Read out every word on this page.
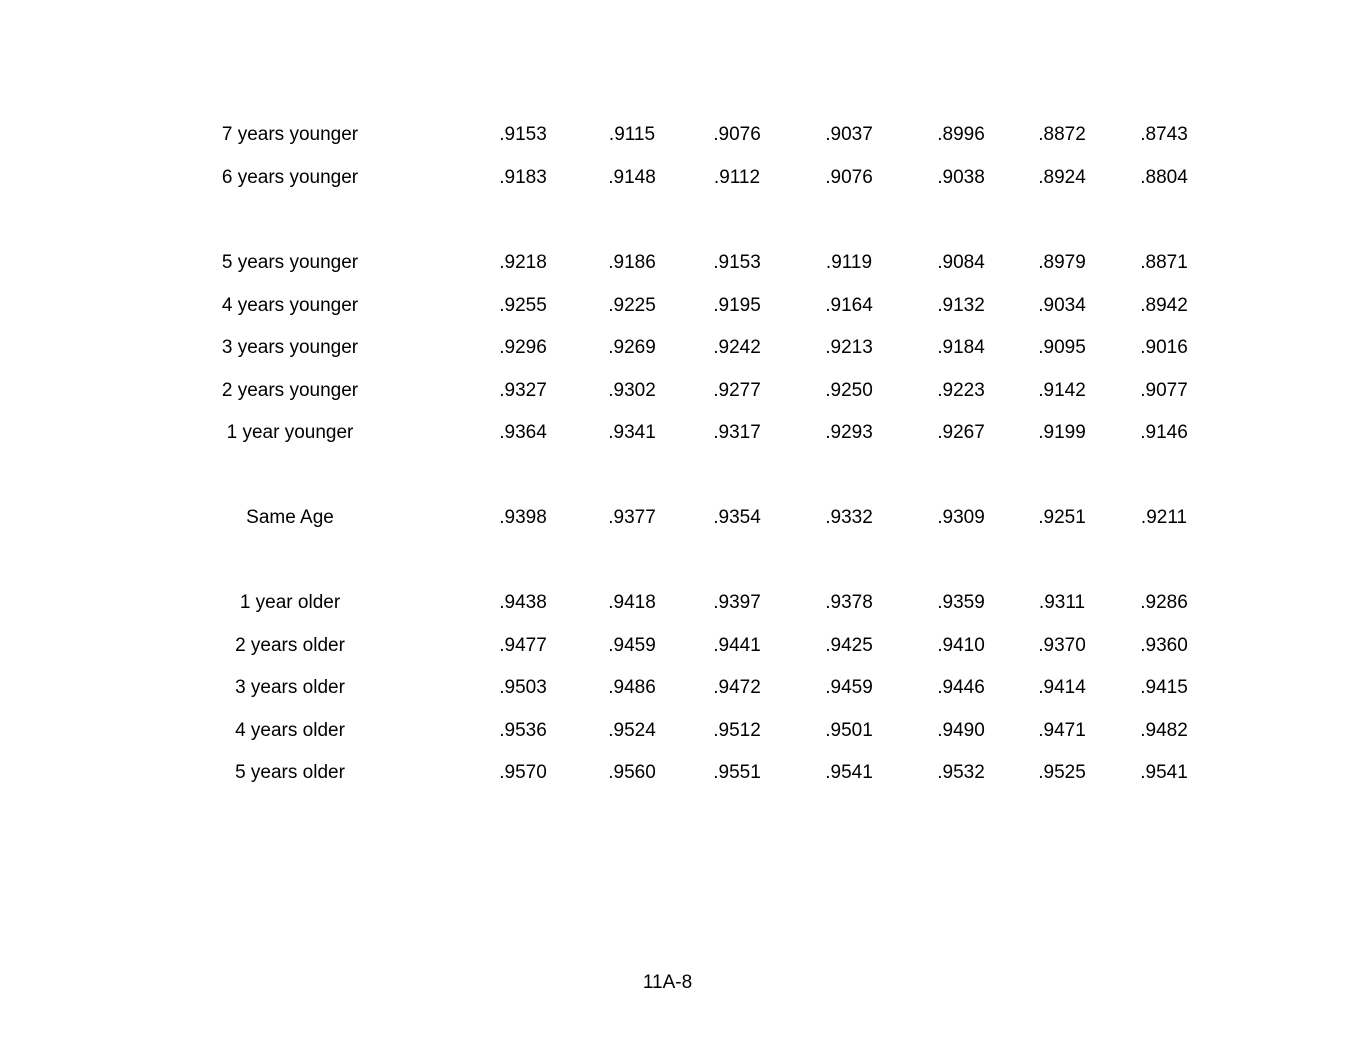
7 years younger	.9153	.9115	.9076	.9037	.8996	.8872	.8743
6 years younger	.9183	.9148	.9112	.9076	.9038	.8924	.8804
5 years younger	.9218	.9186	.9153	.9119	.9084	.8979	.8871
4 years younger	.9255	.9225	.9195	.9164	.9132	.9034	.8942
3 years younger	.9296	.9269	.9242	.9213	.9184	.9095	.9016
2 years younger	.9327	.9302	.9277	.9250	.9223	.9142	.9077
1 year younger	.9364	.9341	.9317	.9293	.9267	.9199	.9146
Same Age	.9398	.9377	.9354	.9332	.9309	.9251	.9211
1 year older	.9438	.9418	.9397	.9378	.9359	.9311	.9286
2 years older	.9477	.9459	.9441	.9425	.9410	.9370	.9360
3 years older	.9503	.9486	.9472	.9459	.9446	.9414	.9415
4 years older	.9536	.9524	.9512	.9501	.9490	.9471	.9482
5 years older	.9570	.9560	.9551	.9541	.9532	.9525	.9541
11A-8
